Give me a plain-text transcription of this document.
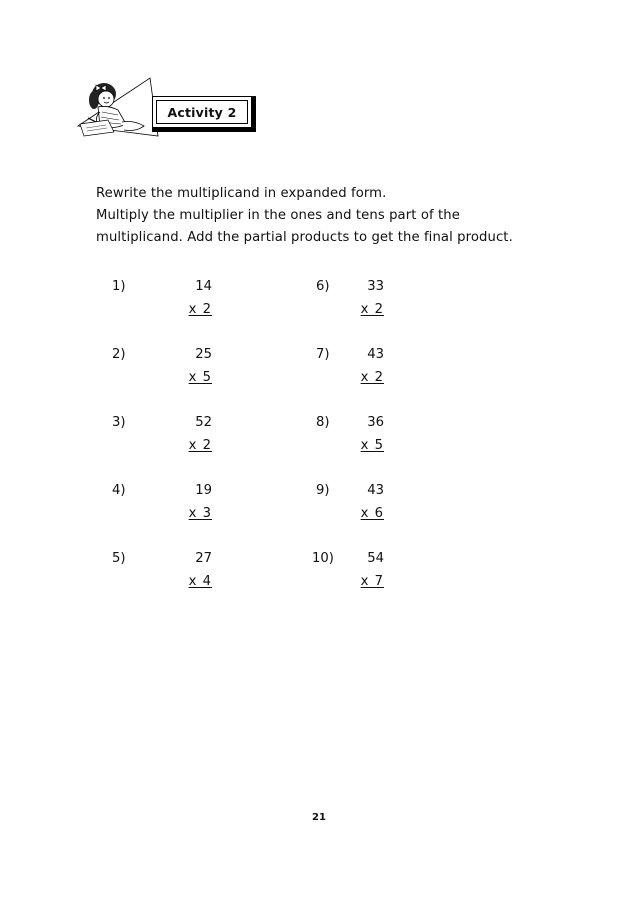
Activity 2

Rewrite the multiplicand in expanded form.

Multiply the multiplier in the ones and tens part of the

multiplicand. Add the partial products to get the final product.

1)	14
x 2
2)	25
x 5
3)	52
x 2
4)	19
x 3
5)	27
x 4
6)	33
x 2
7)	43
x 2
8)	36
x 5
9)	43
x 6
10)	54
x 7
21
